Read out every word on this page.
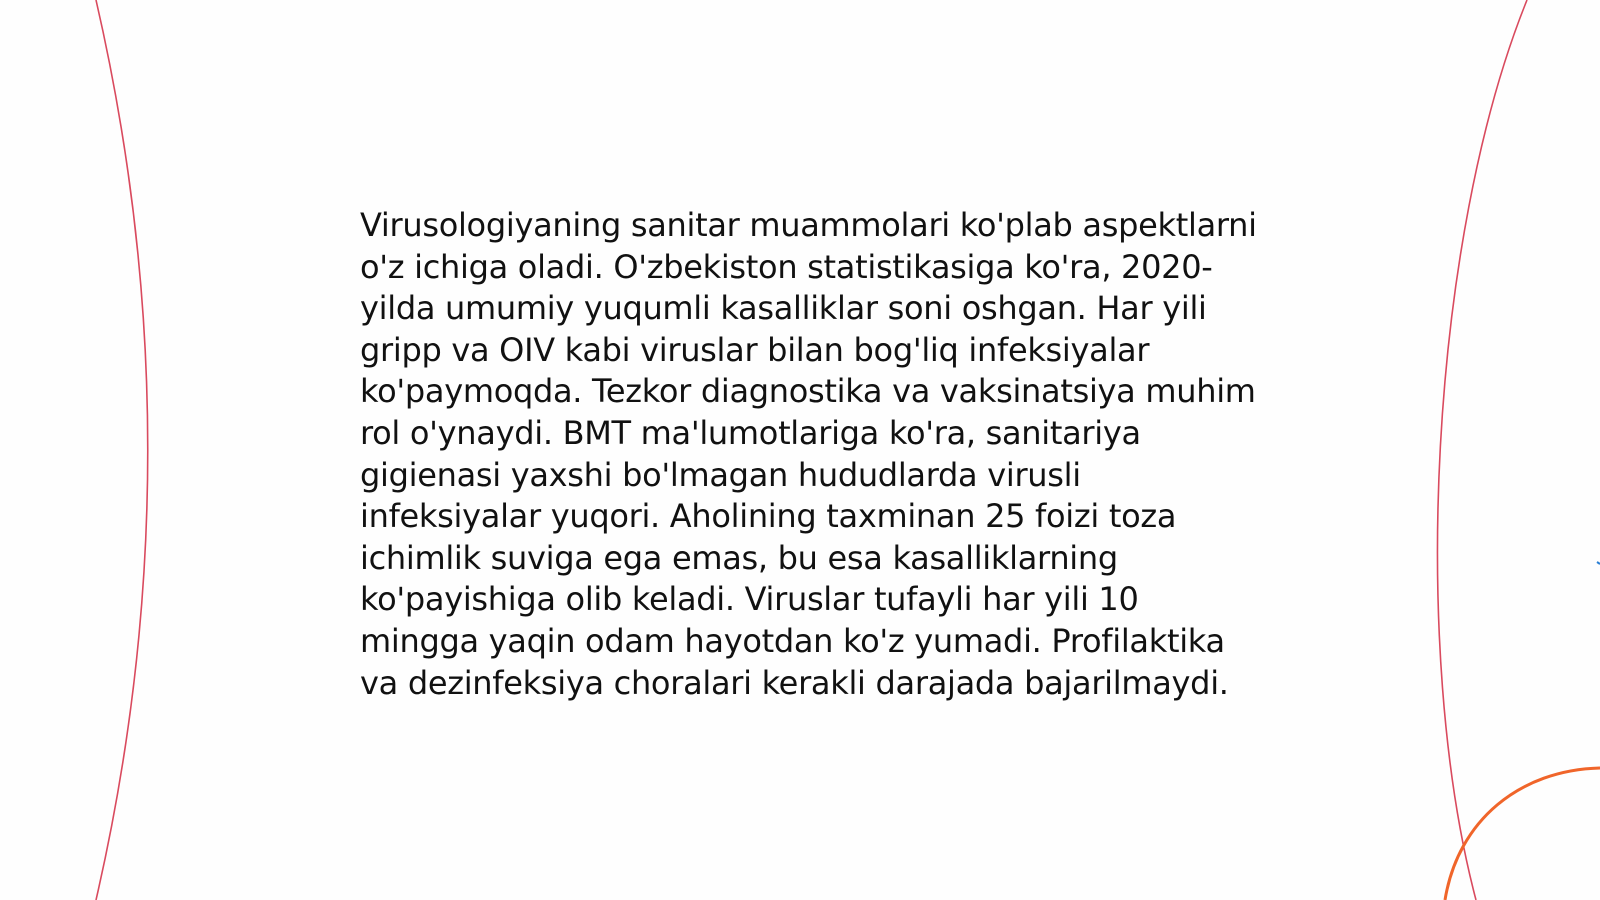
Virusologiyaning sanitar muammolari ko'plab aspektlarni o'z ichiga oladi. O'zbekiston statistikasiga ko'ra, 2020-yilda umumiy yuqumli kasalliklar soni oshgan. Har yili gripp va OIV kabi viruslar bilan bog'liq infeksiyalar ko'paymoqda. Tezkor diagnostika va vaksinatsiya muhim rol o'ynaydi. BMT ma'lumotlariga ko'ra, sanitariya gigienasi yaxshi bo'lmagan hududlarda virusli infeksiyalar yuqori. Aholining taxminan 25 foizi toza ichimlik suviga ega emas, bu esa kasalliklarning ko'payishiga olib keladi. Viruslar tufayli har yili 10 mingga yaqin odam hayotdan ko'z yumadi. Profilaktika va dezinfeksiya choralari kerakli darajada bajarilmaydi.
